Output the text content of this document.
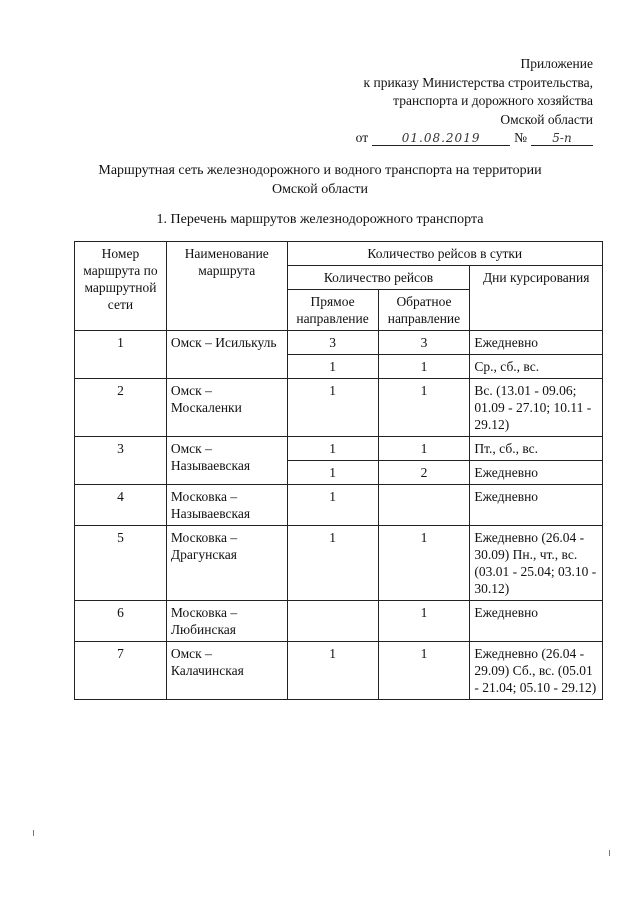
Приложение
к приказу Министерства строительства,
транспорта и дорожного хозяйства
Омской области
от	01.08.2019	№	5-п
Маршрутная сеть железнодорожного и водного транспорта на территории
Омской области
1. Перечень маршрутов железнодорожного транспорта
Номер маршрута по маршрутной сети	Наименование маршрута	Количество рейсов в сутки		
		Количество рейсов		Дни курсирования
		Прямое направление	Обратное направление	
1	Омск – Исилькуль	3	3	Ежедневно
		1	1	Ср., сб., вс.
2	Омск – Москаленки	1	1	Вс. (13.01 - 09.06; 01.09 - 27.10; 10.11 - 29.12)
3	Омск – Называевская	1	1	Пт., сб., вс.
		1	2	Ежедневно
4	Московка – Называевская	1		Ежедневно
5	Московка – Драгунская	1	1	Ежедневно (26.04 - 30.09) Пн., чт., вс. (03.01 - 25.04; 03.10 - 30.12)
6	Московка – Любинская		1	Ежедневно
7	Омск – Калачинская	1	1	Ежедневно (26.04 - 29.09) Сб., вс. (05.01 - 21.04; 05.10 - 29.12)
